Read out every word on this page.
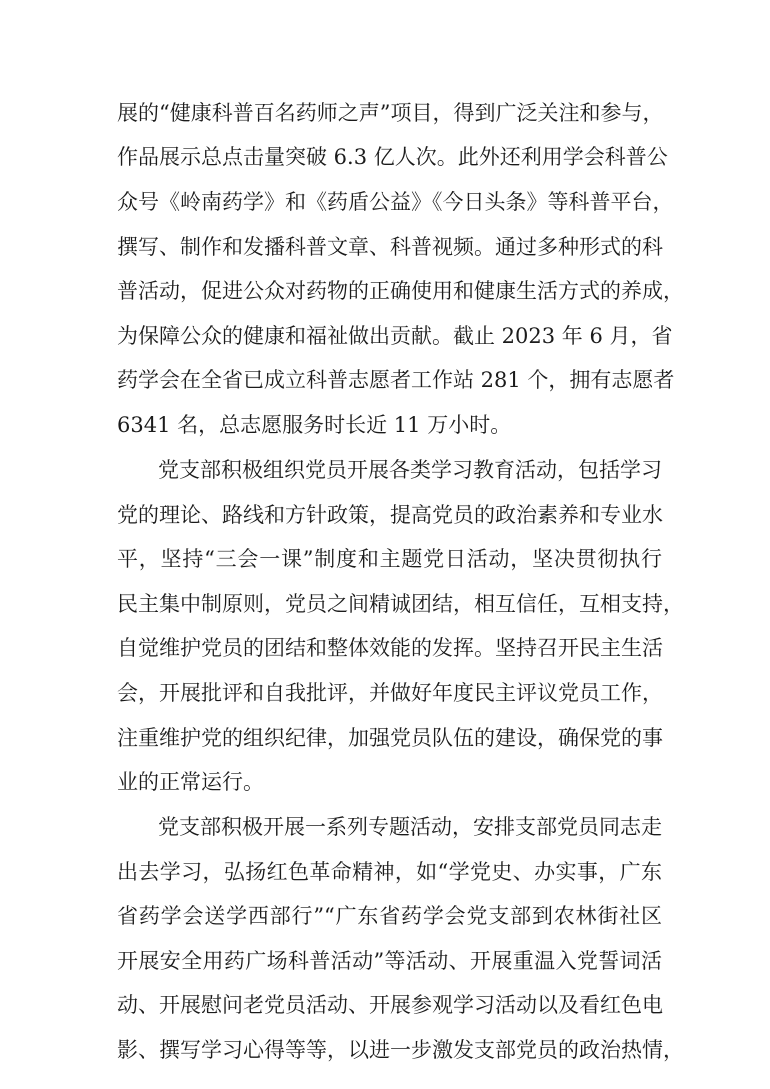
展的“健康科普百名药师之声”项目，得到广泛关注和参与，
作品展示总点击量突破 6.3 亿人次。此外还利用学会科普公
众号《岭南药学》和《药盾公益》《今日头条》等科普平台，
撰写、制作和发播科普文章、科普视频。通过多种形式的科
普活动，促进公众对药物的正确使用和健康生活方式的养成，
为保障公众的健康和福祉做出贡献。截止 2023 年 6 月，省
药学会在全省已成立科普志愿者工作站 281 个，拥有志愿者
6341 名，总志愿服务时长近 11 万小时。
党支部积极组织党员开展各类学习教育活动，包括学习
党的理论、路线和方针政策，提高党员的政治素养和专业水
平，坚持“三会一课”制度和主题党日活动，坚决贯彻执行
民主集中制原则，党员之间精诚团结，相互信任，互相支持，
自觉维护党员的团结和整体效能的发挥。坚持召开民主生活
会，开展批评和自我批评，并做好年度民主评议党员工作，
注重维护党的组织纪律，加强党员队伍的建设，确保党的事
业的正常运行。
党支部积极开展一系列专题活动，安排支部党员同志走
出去学习，弘扬红色革命精神，如“学党史、办实事，广东
省药学会送学西部行”“广东省药学会党支部到农林街社区
开展安全用药广场科普活动”等活动、开展重温入党誓词活
动、开展慰问老党员活动、开展参观学习活动以及看红色电
影、撰写学习心得等等，以进一步激发支部党员的政治热情，
